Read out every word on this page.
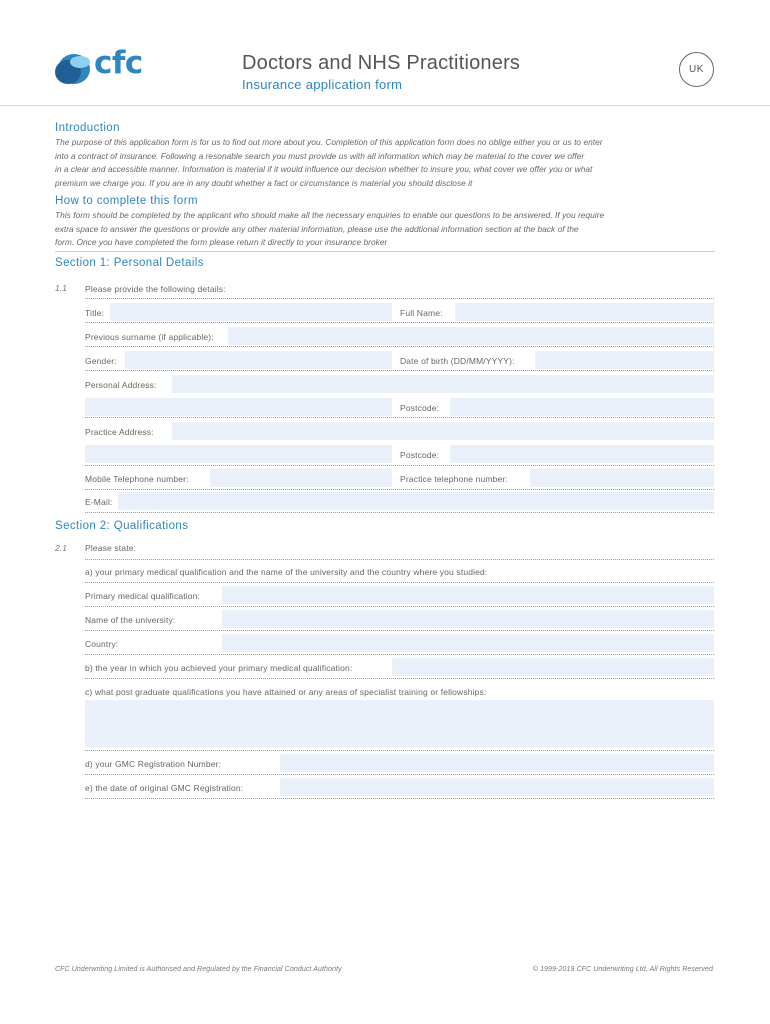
cfc	Doctors and NHS Practitioners
Insurance application form
UK
Introduction
The purpose of this application form is for us to find out more about you. Completion of this application form does no oblige either you or us to enter
into a contract of insurance. Following a resonable search you must provide us with all information which may be material to the cover we offer
in a clear and accessible manner. Information is material if it would influence our decision whether to insure you, what cover we offer you or what
premium we charge you. If you are in any doubt whether a fact or circumstance is material you should disclose it
How to complete this form
This form should be completed by the applicant who should make all the necessary enquiries to enable our questions to be answered. If you require
extra space to answer the questions or provide any other material information, please use the addtional information section at the back of the
form. Once you have completed the form please return it directly to your insurance broker
Section 1: Personal Details
1.1 Please provide the following details:
Title:	Full Name:
Previous surname (if applicable):
Gender:	Date of birth (DD/MM/YYYY):
Personal Address:
Postcode:
Practice Address:
Postcode:
Mobile Telephone number:	Practice telephone number:
E-Mail:
Section 2: Qualifications
2.1 Please state:
a) your primary medical qualification and the name of the university and the country where you studied:
Primary medical qualification:
Name of the university:
Country:
b) the year in which you achieved your primary medical qualification:
c) what post graduate qualifications you have attained or any areas of specialist training or fellowships:
d) your GMC Registration Number:
e) the date of original GMC Registration:
CFC Underwriting Limited is Authorised and Regulated by the Financial Conduct Authority	© 1999-2019 CFC Underwriting Ltd, All Rights Reserved
